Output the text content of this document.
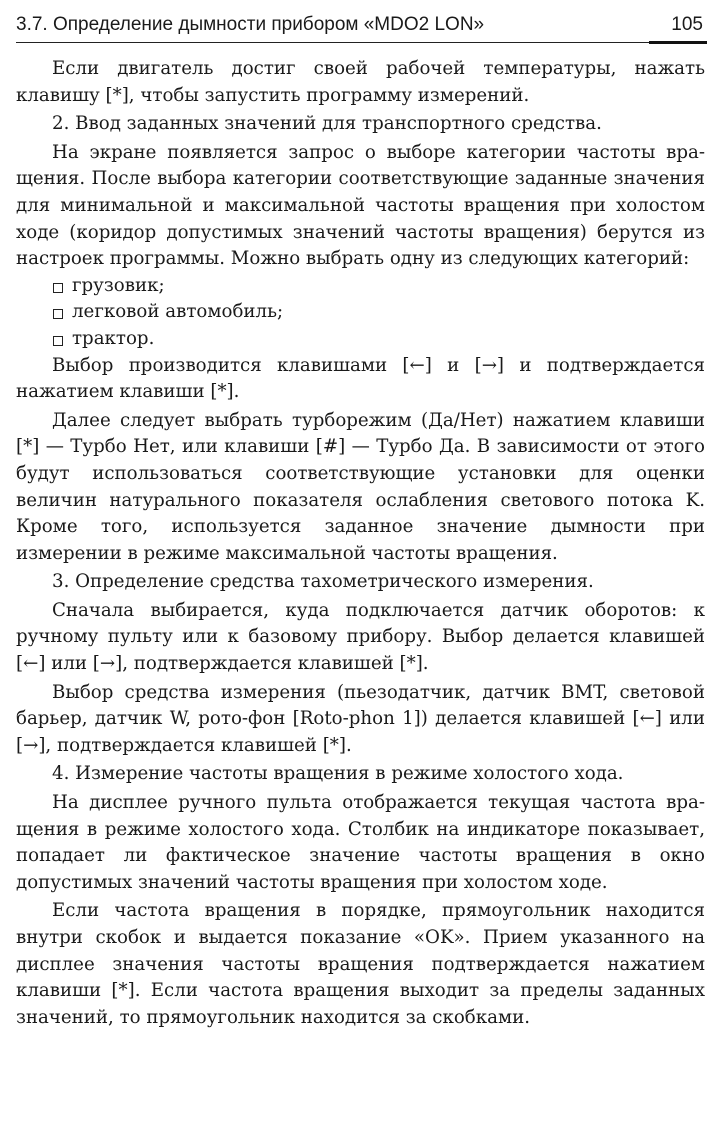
3.7. Определение дымности прибором «MDO2 LON»	105

Если двигатель достиг своей рабочей температуры, нажать клавишу [*], чтобы запустить программу измерений.

2. Ввод заданных значений для транспортного средства.

На экране появляется запрос о выборе категории частоты вращения. После выбора категории соответствующие заданные значения для минимальной и максимальной частоты вращения при холостом ходе (коридор допустимых значений частоты вращения) берутся из настроек программы. Можно выбрать одну из следующих категорий:

грузовик;
легковой автомобиль;
трактор.

Выбор производится клавишами [←] и [→] и подтверждается нажатием клавиши [*].

Далее следует выбрать турборежим (Да/Нет) нажатием клавиши [*] — Турбо Нет, или клавиши [#] — Турбо Да. В зависимости от этого будут использоваться соответствующие установки для оценки величин натурального показателя ослабления светового потока K. Кроме того, используется заданное значение дымности при измерении в режиме максимальной частоты вращения.

3. Определение средства тахометрического измерения.

Сначала выбирается, куда подключается датчик оборотов: к ручному пульту или к базовому прибору. Выбор делается клавишей [←] или [→], подтверждается клавишей [*].

Выбор средства измерения (пьезодатчик, датчик BMT, световой барьер, датчик W, рото-фон [Roto-phon 1]) делается клавишей [←] или [→], подтверждается клавишей [*].

4. Измерение частоты вращения в режиме холостого хода.

На дисплее ручного пульта отображается текущая частота вращения в режиме холостого хода. Столбик на индикаторе показывает, попадает ли фактическое значение частоты вращения в окно допустимых значений частоты вращения при холостом ходе.

Если частота вращения в порядке, прямоугольник находится внутри скобок и выдается показание «OK». Прием указанного на дисплее значения частоты вращения подтверждается нажатием клавиши [*]. Если частота вращения выходит за пределы заданных значений, то прямоугольник находится за скобками.
